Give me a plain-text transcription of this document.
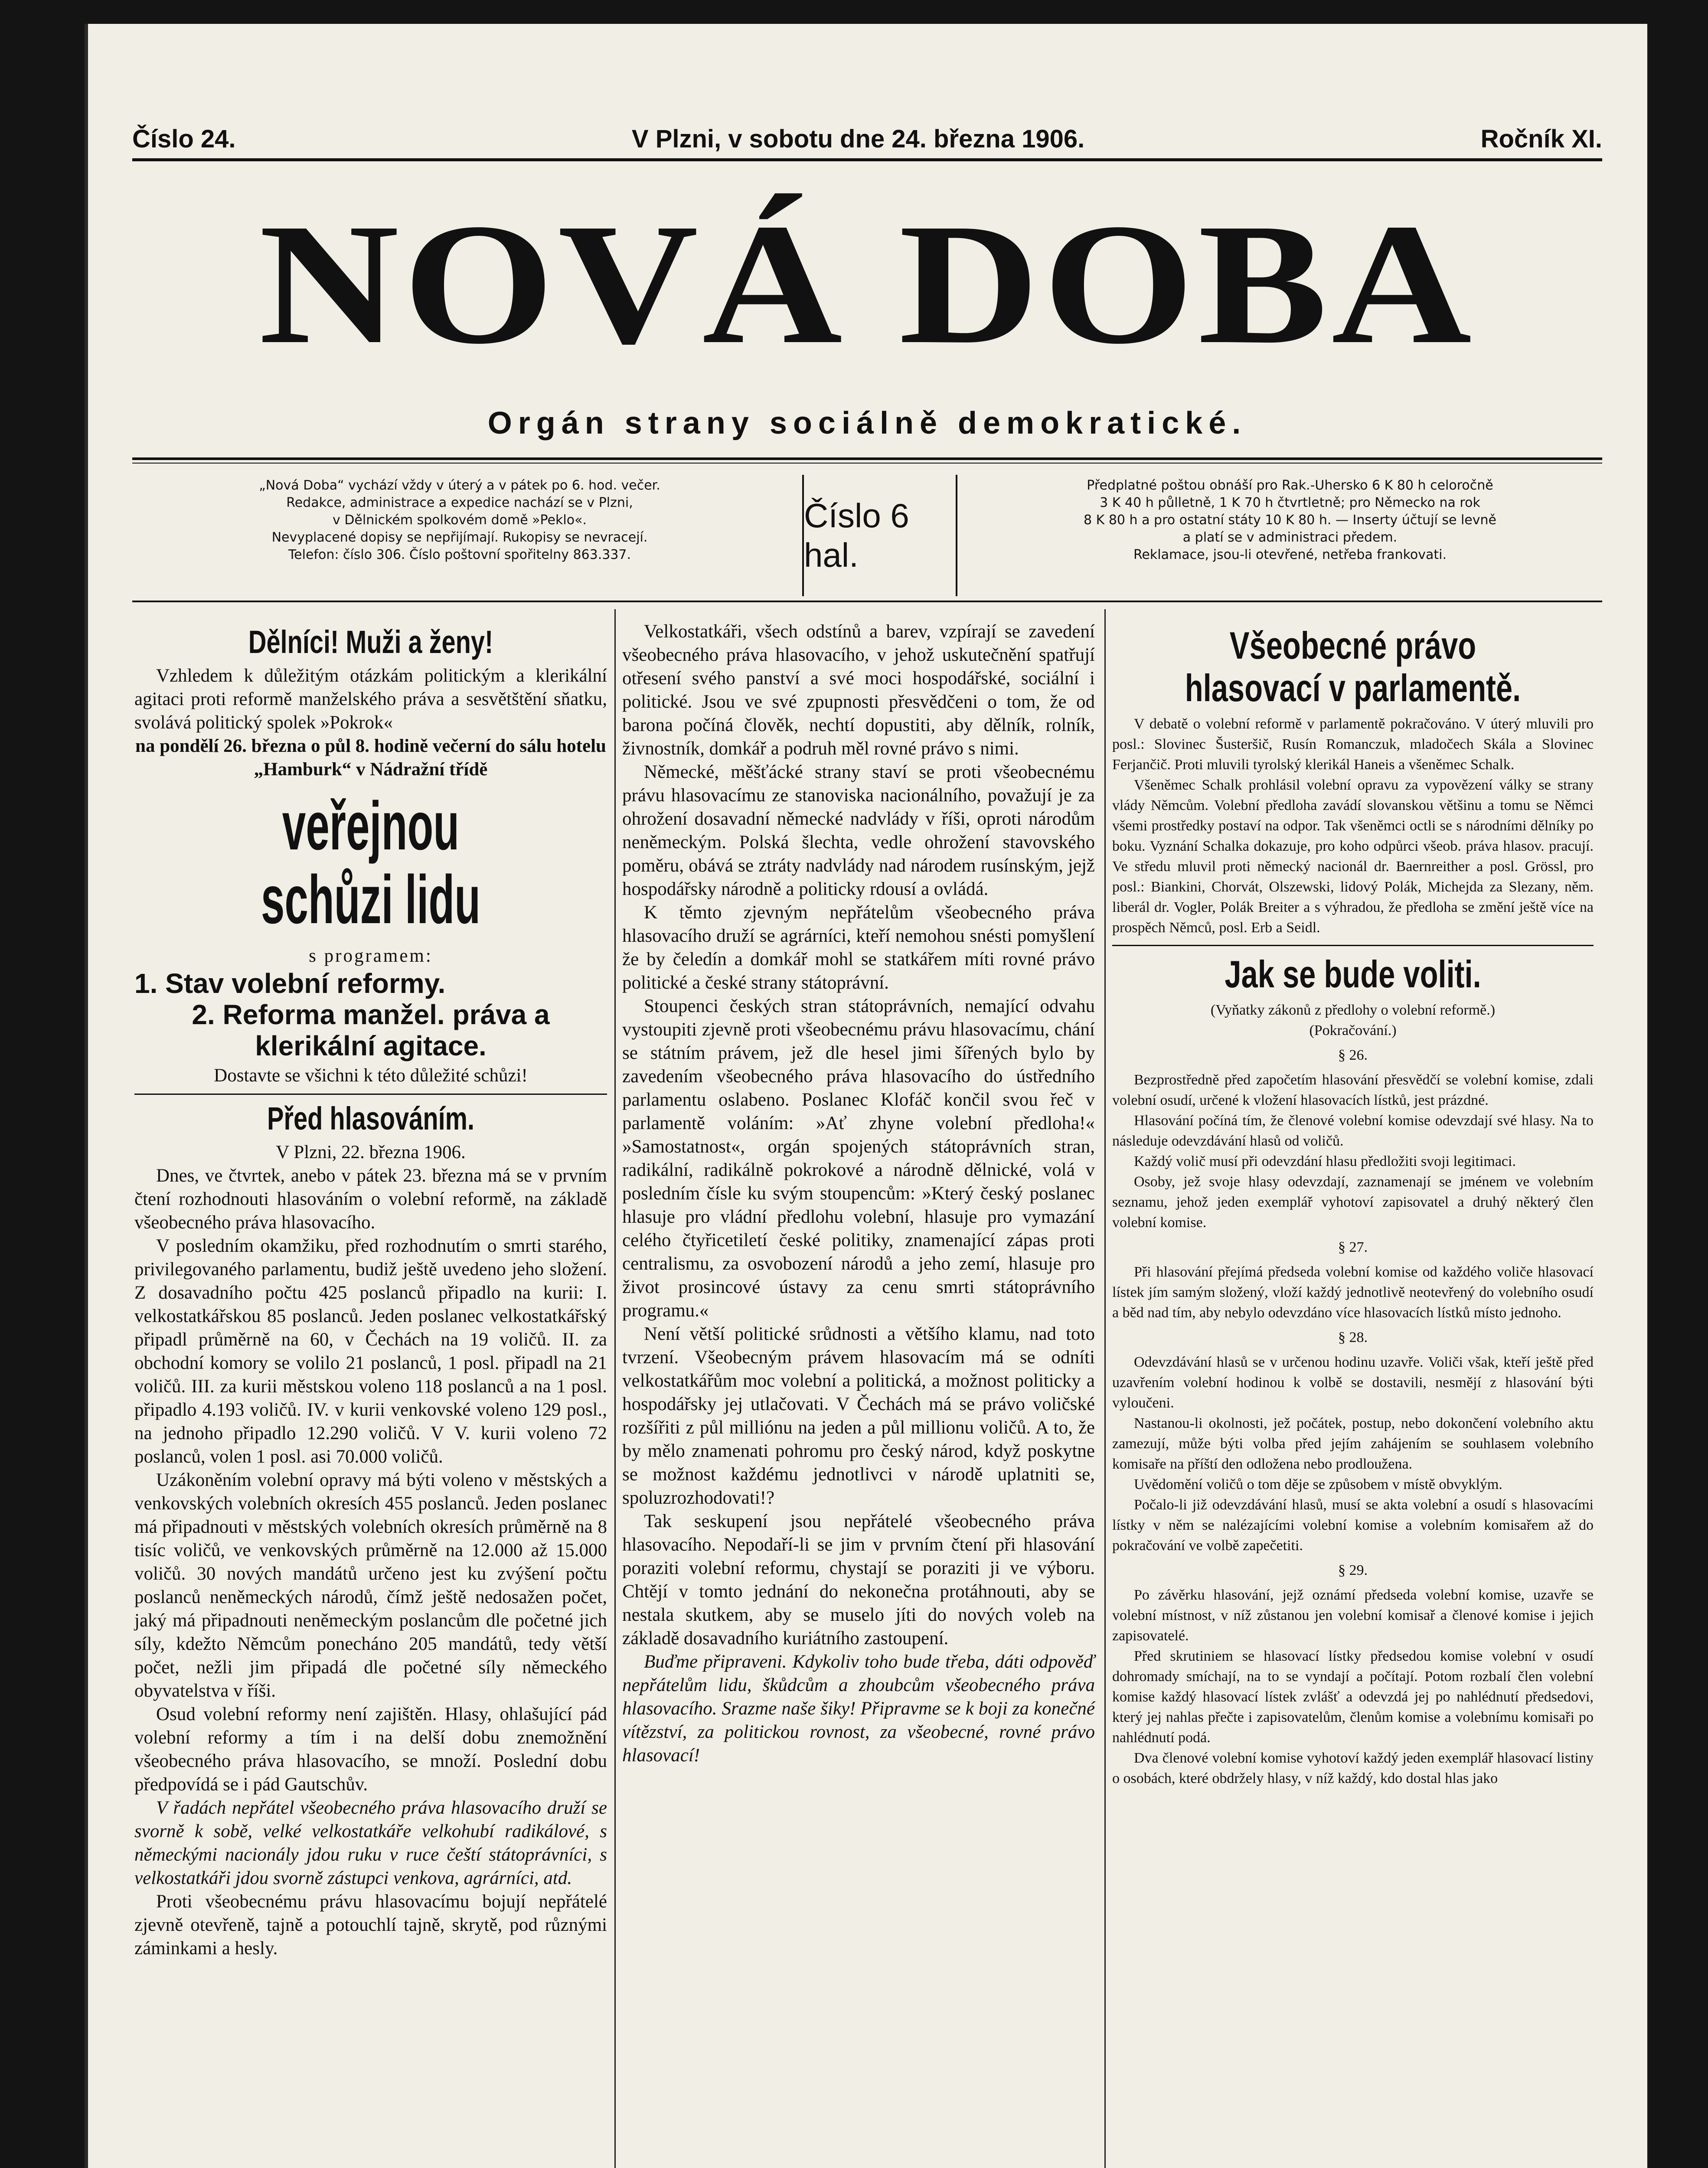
Číslo 24.	V Plzni, v sobotu dne 24. března 1906.	Ročník XI.
NOVÁ DOBA
Orgán strany sociálně demokratické.
„Nová Doba“ vychází vždy v úterý a v pátek po 6. hod. večer.
Redakce, administrace a expedice nachází se v Plzni,
v Dělnickém spolkovém domě »Peklo«.
Nevyplacené dopisy se nepřijímají. Rukopisy se nevracejí.
Telefon: číslo 306. Číslo poštovní spořitelny 863.337.
Číslo 6 hal.
Předplatné poštou obnáší pro Rak.-Uhersko 6 K 80 h celoročně
3 K 40 h půlletně, 1 K 70 h čtvrtletně; pro Německo na rok
8 K 80 h a pro ostatní státy 10 K 80 h. — Inserty účtují se levně
a platí se v administraci předem.
Reklamace, jsou-li otevřené, netřeba frankovati.
Dělníci! Muži a ženy!

Vzhledem k důležitým otázkám politickým a klerikální agitaci proti reformě manželského práva a sesvětštění sňatku, svolává politický spolek »Pokrok«

na pondělí 26. března o půl 8. hodině večerní do sálu hotelu „Hamburk“ v Nádražní třídě

veřejnou schůzi lidu

s programem:

1. Stav volební reformy.
2. Reforma manžel. práva a klerikální agitace.

Dostavte se všichni k této důležité schůzi!

Před hlasováním.

V Plzni, 22. března 1906.

Dnes, ve čtvrtek, anebo v pátek 23. března má se v prvním čtení rozhodnouti hlasováním o volební reformě, na základě všeobecného práva hlasovacího.

V posledním okamžiku, před rozhodnutím o smrti starého, privilegovaného parlamentu, budiž ještě uvedeno jeho složení. Z dosavadního počtu 425 poslanců připadlo na kurii: I. velkostatkářskou 85 poslanců. Jeden poslanec velkostatkářský připadl průměrně na 60, v Čechách na 19 voličů. II. za obchodní komory se volilo 21 poslanců, 1 posl. připadl na 21 voličů. III. za kurii městskou voleno 118 poslanců a na 1 posl. připadlo 4.193 voličů. IV. v kurii venkovské voleno 129 posl., na jednoho připadlo 12.290 voličů. V V. kurii voleno 72 poslanců, volen 1 posl. asi 70.000 voličů.

Uzákoněním volební opravy má býti voleno v městských a venkovských volebních okresích 455 poslanců. Jeden poslanec má připadnouti v městských volebních okresích průměrně na 8 tisíc voličů, ve venkovských průměrně na 12.000 až 15.000 voličů. 30 nových mandátů určeno jest ku zvýšení počtu poslanců neněmeckých národů, čímž ještě nedosažen počet, jaký má připadnouti neněmeckým poslancům dle početné jich síly, kdežto Němcům ponecháno 205 mandátů, tedy větší počet, nežli jim připadá dle početné síly německého obyvatelstva v říši.

Osud volební reformy není zajištěn. Hlasy, ohlašující pád volební reformy a tím i na delší dobu znemožnění všeobecného práva hlasovacího, se množí. Poslední dobu předpovídá se i pád Gautschův.

V řadách nepřátel všeobecného práva hlasovacího druží se svorně k sobě, velké velkostatkáře velkohubí radikálové, s německými nacionály jdou ruku v ruce čeští státoprávníci, s velkostatkáři jdou svorně zástupci venkova, agrárníci, atd.

Proti všeobecnému právu hlasovacímu bojují nepřátelé zjevně otevřeně, tajně a potouchlí tajně, skrytě, pod různými záminkami a hesly.

Velkostatkáři, všech odstínů a barev, vzpírají se zavedení všeobecného práva hlasovacího, v jehož uskutečnění spatřují otřesení svého panství a své moci hospodářské, sociální i politické. Jsou ve své zpupnosti přesvědčeni o tom, že od barona počíná člověk, nechtí dopustiti, aby dělník, rolník, živnostník, domkář a podruh měl rovné právo s nimi.

Německé, měšťácké strany staví se proti všeobecnému právu hlasovacímu ze stanoviska nacionálního, považují je za ohrožení dosavadní německé nadvlády v říši, oproti národům neněmeckým. Polská šlechta, vedle ohrožení stavovského poměru, obává se ztráty nadvlády nad národem rusínským, jejž hospodářsky národně a politicky rdousí a ovládá.

K těmto zjevným nepřátelům všeobecného práva hlasovacího druží se agrárníci, kteří nemohou snésti pomyšlení že by čeledín a domkář mohl se statkářem míti rovné právo politické a české strany státoprávní.

Stoupenci českých stran státoprávních, nemající odvahu vystoupiti zjevně proti všeobecnému právu hlasovacímu, chání se státním právem, jež dle hesel jimi šířených bylo by zavedením všeobecného práva hlasovacího do ústředního parlamentu oslabeno. Poslanec Klofáč končil svou řeč v parlamentě voláním: »Ať zhyne volební předloha!« »Samostatnost«, orgán spojených státoprávních stran, radikální, radikálně pokrokové a národně dělnické, volá v posledním čísle ku svým stoupencům: »Který český poslanec hlasuje pro vládní předlohu volební, hlasuje pro vymazání celého čtyřicetiletí české politiky, znamenající zápas proti centralismu, za osvobození národů a jeho zemí, hlasuje pro život prosincové ústavy za cenu smrti státoprávního programu.«

Není větší politické srůdnosti a většího klamu, nad toto tvrzení. Všeobecným právem hlasovacím má se odníti velkostatkářům moc volební a politická, a možnost politicky a hospodářsky jej utlačovati. V Čechách má se právo voličské rozšířiti z půl milliónu na jeden a půl millionu voličů. A to, že by mělo znamenati pohromu pro český národ, když poskytne se možnost každému jednotlivci v národě uplatniti se, spoluzrozhodovati!?

Tak seskupení jsou nepřátelé všeobecného práva hlasovacího. Nepodaří-li se jim v prvním čtení při hlasování poraziti volební reformu, chystají se poraziti ji ve výboru. Chtějí v tomto jednání do nekonečna protáhnouti, aby se nestala skutkem, aby se muselo jíti do nových voleb na základě dosavadního kuriátního zastoupení.

Buďme připraveni. Kdykoliv toho bude třeba, dáti odpověď nepřátelům lidu, škůdcům a zhoubcům všeobecného práva hlasovacího. Srazme naše šiky! Připravme se k boji za konečné vítězství, za politickou rovnost, za všeobecné, rovné právo hlasovací!

Všeobecné právo hlasovací v parlamentě.

V debatě o volební reformě v parlamentě pokračováno. V úterý mluvili pro posl.: Slovinec Šusteršič, Rusín Romanczuk, mladočech Skála a Slovinec Ferjančič. Proti mluvili tyrolský klerikál Haneis a všeněmec Schalk.

Všeněmec Schalk prohlásil volební opravu za vypovězení války se strany vlády Němcům. Volební předloha zavádí slovanskou většinu a tomu se Němci všemi prostředky postaví na odpor. Tak všeněmci octli se s národními dělníky po boku. Vyznání Schalka dokazuje, pro koho odpůrci všeob. práva hlasov. pracují. Ve středu mluvil proti německý nacionál dr. Baernreither a posl. Grössl, pro posl.: Biankini, Chorvát, Olszewski, lidový Polák, Michejda za Slezany, něm. liberál dr. Vogler, Polák Breiter a s výhradou, že předloha se změní ještě více na prospěch Němců, posl. Erb a Seidl.

Jak se bude voliti.

(Vyňatky zákonů z předlohy o volební reformě.)

(Pokračování.)

§ 26.

Bezprostředně před započetím hlasování přesvědčí se volební komise, zdali volební osudí, určené k vložení hlasovacích lístků, jest prázdné.

Hlasování počíná tím, že členové volební komise odevzdají své hlasy. Na to následuje odevzdávání hlasů od voličů.

Každý volič musí při odevzdání hlasu předložiti svoji legitimaci.

Osoby, jež svoje hlasy odevzdají, zaznamenají se jménem ve volebním seznamu, jehož jeden exemplář vyhotoví zapisovatel a druhý některý člen volební komise.

§ 27.

Při hlasování přejímá předseda volební komise od každého voliče hlasovací lístek jím samým složený, vloží každý jednotlivě neotevřený do volebního osudí a běd nad tím, aby nebylo odevzdáno více hlasovacích lístků místo jednoho.

§ 28.

Odevzdávání hlasů se v určenou hodinu uzavře. Voliči však, kteří ještě před uzavřením volební hodinou k volbě se dostavili, nesmějí z hlasování býti vyloučeni.

Nastanou-li okolnosti, jež počátek, postup, nebo dokončení volebního aktu zamezují, může býti volba před jejím zahájením se souhlasem volebního komisaře na příští den odložena nebo prodloužena.

Uvědomění voličů o tom děje se způsobem v místě obvyklým.

Počalo-li již odevzdávání hlasů, musí se akta volební a osudí s hlasovacími lístky v něm se nalézajícími volební komise a volebním komisařem až do pokračování ve volbě zapečetiti.

§ 29.

Po závěrku hlasování, jejž oznámí předseda volební komise, uzavře se volební místnost, v níž zůstanou jen volební komisař a členové komise i jejich zapisovatelé.

Před skrutiniem se hlasovací lístky předsedou komise volební v osudí dohromady smíchají, na to se vyndají a počítají. Potom rozbalí člen volební komise každý hlasovací lístek zvlášť a odevzdá jej po nahlédnutí předsedovi, který jej nahlas přečte i zapisovatelům, členům komise a volebnímu komisaři po nahlédnutí podá.

Dva členové volební komise vyhotoví každý jeden exemplář hlasovací listiny o osobách, které obdržely hlasy, v níž každý, kdo dostal hlas jako
